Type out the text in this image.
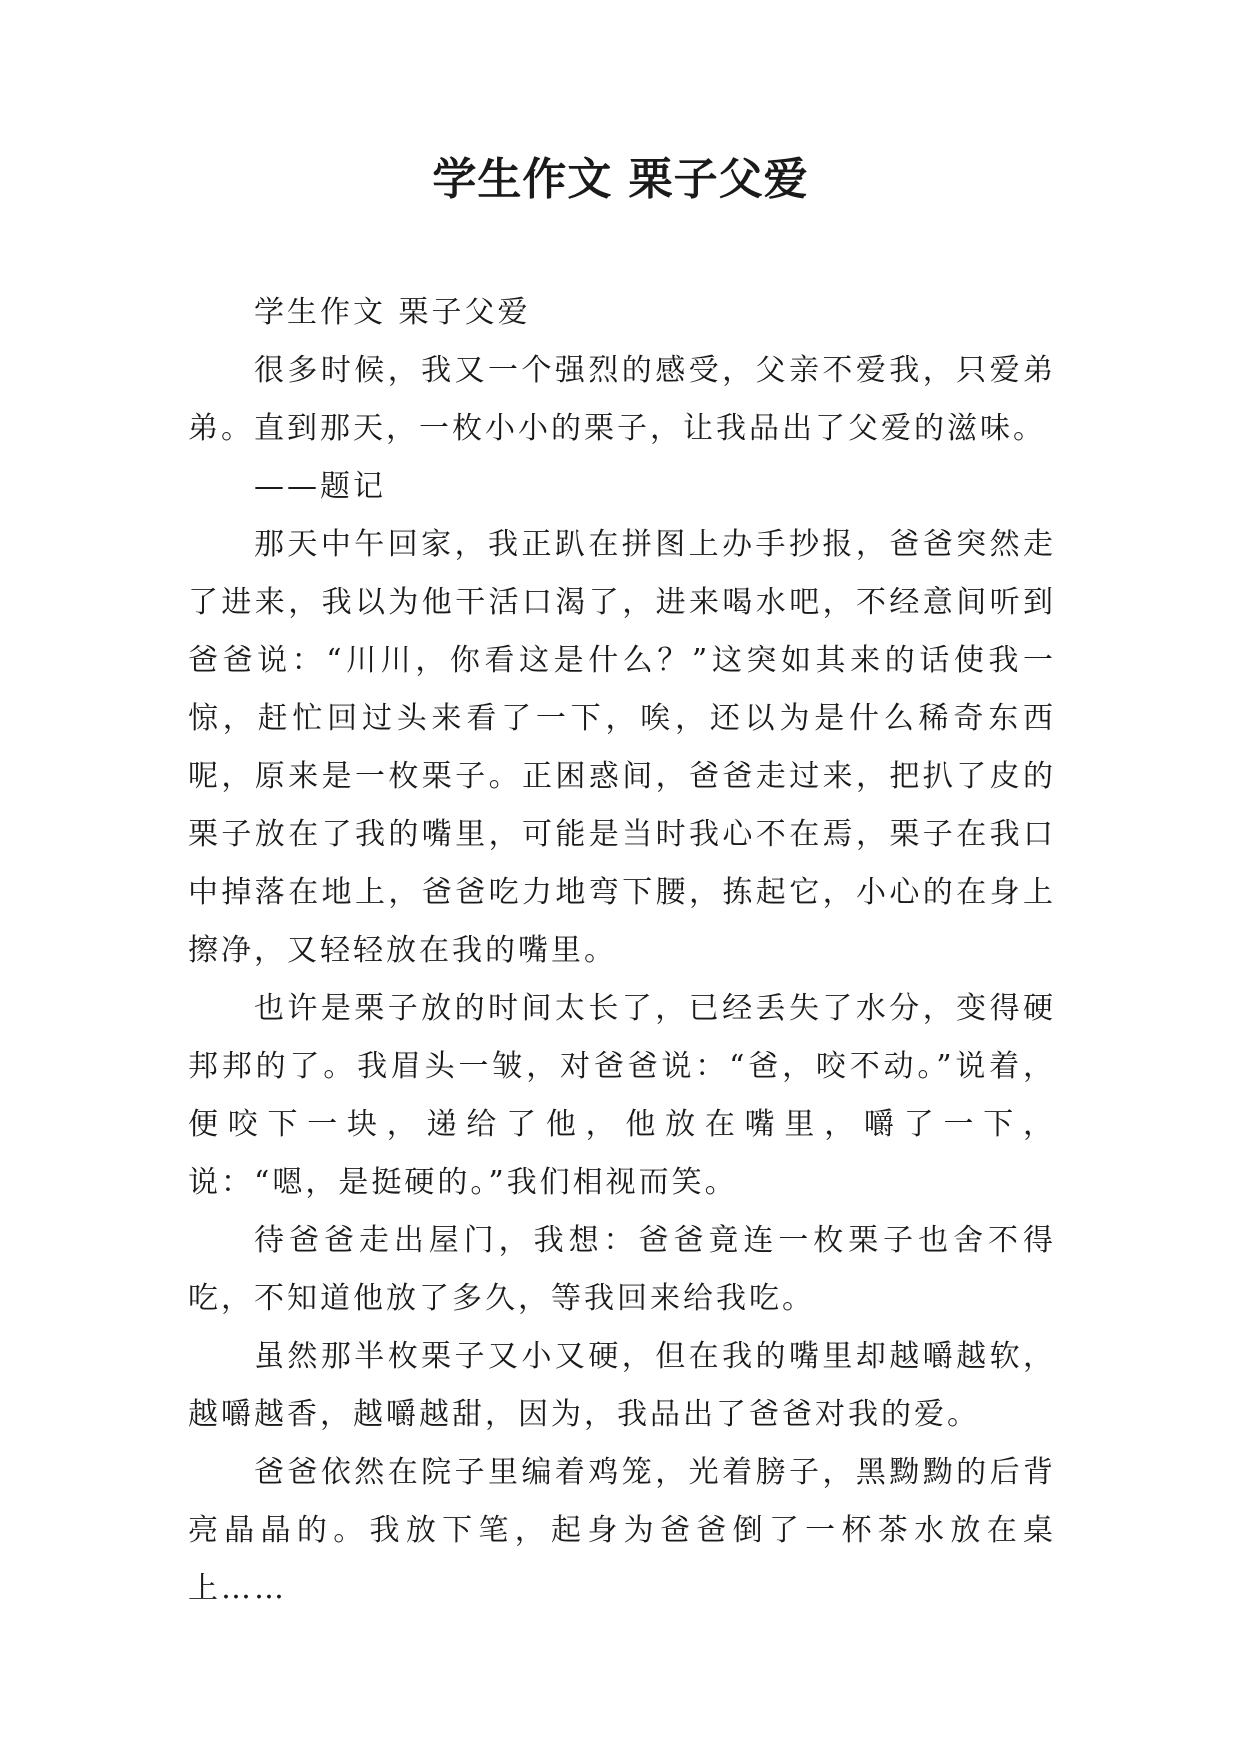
学生作文 栗子父爱

学生作文 栗子父爱

很多时候，我又一个强烈的感受，父亲不爱我，只爱弟弟。直到那天，一枚小小的栗子，让我品出了父爱的滋味。

——题记

那天中午回家，我正趴在拼图上办手抄报，爸爸突然走了进来，我以为他干活口渴了，进来喝水吧，不经意间听到爸爸说：“川川，你看这是什么？”这突如其来的话使我一惊，赶忙回过头来看了一下，唉，还以为是什么稀奇东西呢，原来是一枚栗子。正困惑间，爸爸走过来，把扒了皮的栗子放在了我的嘴里，可能是当时我心不在焉，栗子在我口中掉落在地上，爸爸吃力地弯下腰，拣起它，小心的在身上擦净，又轻轻放在我的嘴里。

也许是栗子放的时间太长了，已经丢失了水分，变得硬邦邦的了。我眉头一皱，对爸爸说：“爸，咬不动。”说着，便咬下一块，递给了他，他放在嘴里，嚼了一下，说：“嗯，是挺硬的。”我们相视而笑。

待爸爸走出屋门，我想：爸爸竟连一枚栗子也舍不得吃，不知道他放了多久，等我回来给我吃。

虽然那半枚栗子又小又硬，但在我的嘴里却越嚼越软，越嚼越香，越嚼越甜，因为，我品出了爸爸对我的爱。

爸爸依然在院子里编着鸡笼，光着膀子，黑黝黝的后背亮晶晶的。我放下笔，起身为爸爸倒了一杯茶水放在桌上……
